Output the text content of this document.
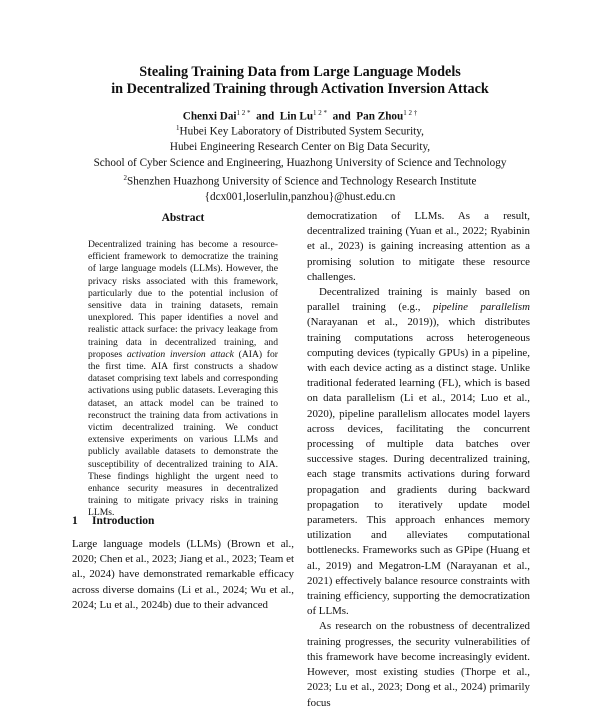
Stealing Training Data from Large Language Models
in Decentralized Training through Activation Inversion Attack
Chenxi Dai$^{1 2 *}$ and Lin $Lu^{1 2 *}$ and Pan Zhou$^{1 2 \dagger}$
$^1$Hubei Key Laboratory of Distributed System Security,
Hubei Engineering Research Center on Big Data Security,
School of Cyber Science and Engineering, Huazhong University of Science and Technology
$^2$Shenzhen Huazhong University of Science and Technology Research Institute
{dcx001,loserlulin,panzhou}@hust.edu.cn
Abstract
Decentralized training has become a resource-efficient framework to democratize the training of large language models (LLMs). However, the privacy risks associated with this framework, particularly due to the potential inclusion of sensitive data in training datasets, remain unexplored. This paper identifies a novel and realistic attack surface: the privacy leakage from training data in decentralized training, and proposes activation inversion attack (AIA) for the first time. AIA first constructs a shadow dataset comprising text labels and corresponding activations using public datasets. Leveraging this dataset, an attack model can be trained to reconstruct the training data from activations in victim decentralized training. We conduct extensive experiments on various LLMs and publicly available datasets to demonstrate the susceptibility of decentralized training to AIA. These findings highlight the urgent need to enhance security measures in decentralized training to mitigate privacy risks in training LLMs.
1 Introduction
Large language models (LLMs) (Brown et al., 2020; Chen et al., 2023; Jiang et al., 2023; Team et al., 2024) have demonstrated remarkable efficacy across diverse domains (Li et al., 2024; Wu et al., 2024; Lu et al., 2024b) due to their advanced

democratization of LLMs. As a result, decentralized training (Yuan et al., 2022; Ryabinin et al., 2023) is gaining increasing attention as a promising solution to mitigate these resource challenges.

Decentralized training is mainly based on parallel training (e.g., pipeline parallelism (Narayanan et al., 2019)), which distributes training computations across heterogeneous computing devices (typically GPUs) in a pipeline, with each device acting as a distinct stage. Unlike traditional federated learning (FL), which is based on data parallelism (Li et al., 2014; Luo et al., 2020), pipeline parallelism allocates model layers across devices, facilitating the concurrent processing of multiple data batches over successive stages. During decentralized training, each stage transmits activations during forward propagation and gradients during backward propagation to iteratively update model parameters. This approach enhances memory utilization and alleviates computational bottlenecks. Frameworks such as GPipe (Huang et al., 2019) and Megatron-LM (Narayanan et al., 2021) effectively balance resource constraints with training efficiency, supporting the democratization of LLMs.

As research on the robustness of decentralized training progresses, the security vulnerabilities of this framework have become increasingly evident. However, most existing studies (Thorpe et al., 2023; Lu et al., 2023; Dong et al., 2024) primarily focus
